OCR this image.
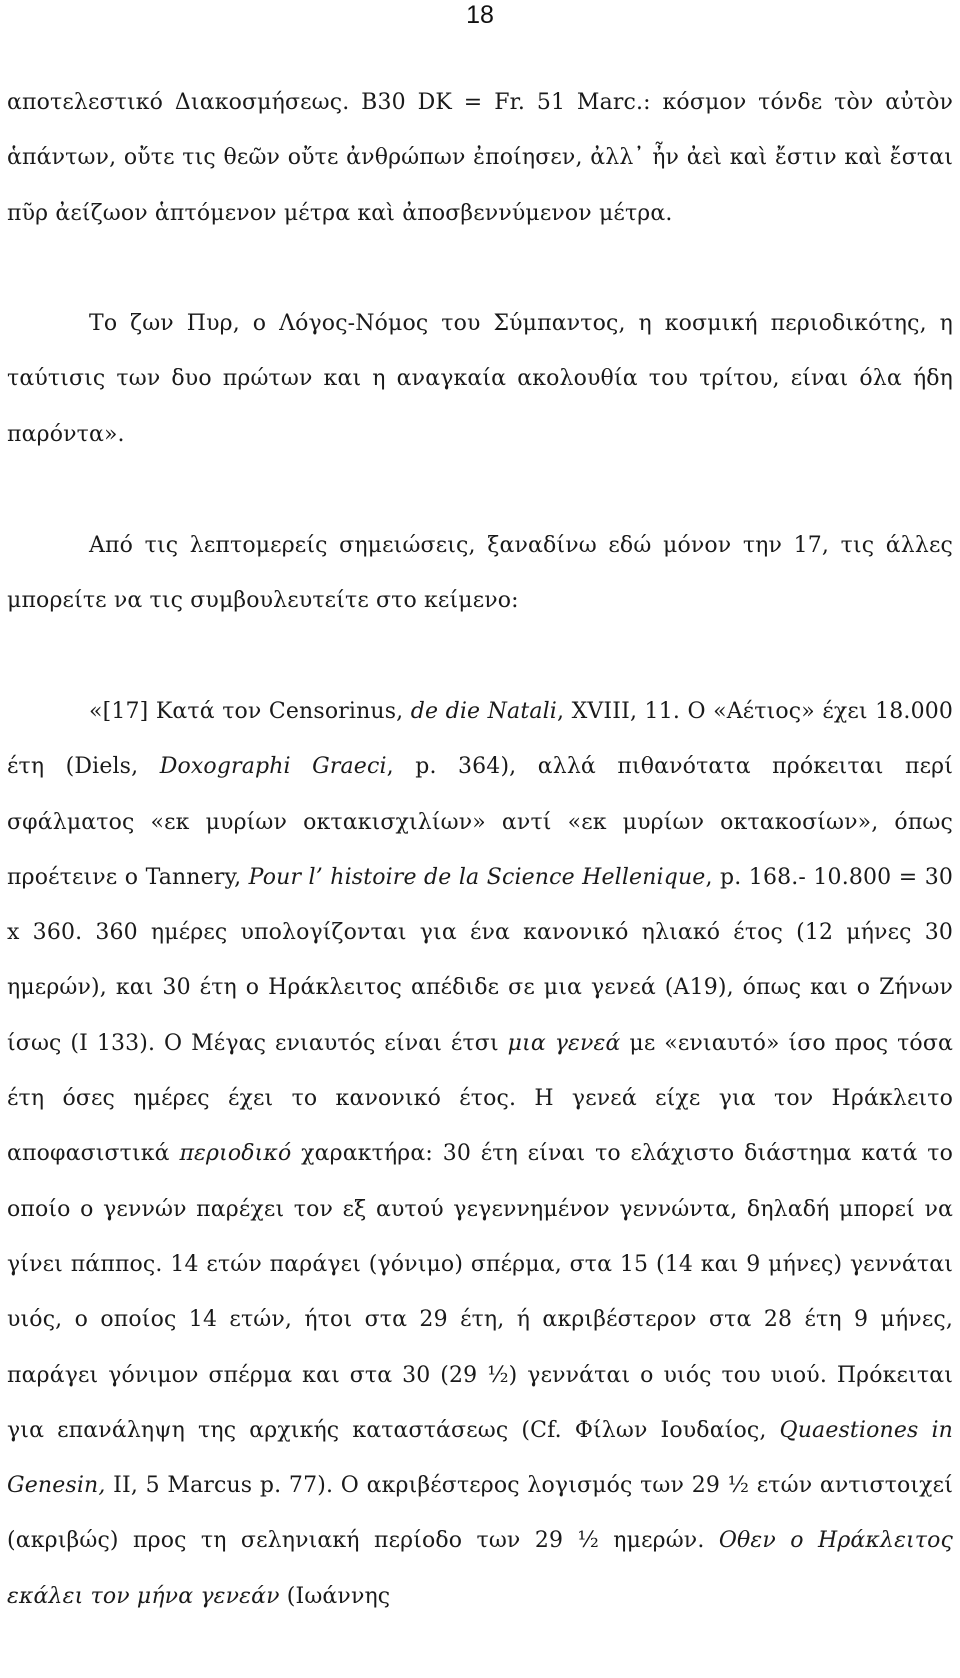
18

αποτελεστικό Διακοσμήσεως. B30 DK = Fr. 51 Marc.: κόσμον τόνδε τὸν αὐτὸν ἁπάντων, οὔτε τις θεῶν οὔτε ἀνθρώπων ἐποίησεν, ἀλλ᾽ ἦν ἀεὶ καὶ ἔστιν καὶ ἔσται πῦρ ἀείζωον ἁπτόμενον μέτρα καὶ ἀποσβεννύμενον μέτρα.

Το ζων Πυρ, ο Λόγος-Νόμος του Σύμπαντος, η κοσμική περιοδικότης, η ταύτισις των δυο πρώτων και η αναγκαία ακολουθία του τρίτου, είναι όλα ήδη παρόντα».

Από τις λεπτομερείς σημειώσεις, ξαναδίνω εδώ μόνον την 17, τις άλλες μπορείτε να τις συμβουλευτείτε στο κείμενο:

«[17] Κατά τον Censorinus, de die Natali, XVIII, 11. Ο «Αέτιος» έχει 18.000 έτη (Diels, Doxographi Graeci, p. 364), αλλά πιθανότατα πρόκειται περί σφάλματος «εκ μυρίων οκτακισχιλίων» αντί «εκ μυρίων οκτακοσίων», όπως προέτεινε ο Tannery, Pour l’ histoire de la Science Hellenique, p. 168.- 10.800 = 30 x 360. 360 ημέρες υπολογίζονται για ένα κανονικό ηλιακό έτος (12 μήνες 30 ημερών), και 30 έτη ο Ηράκλειτος απέδιδε σε μια γενεά (A19), όπως και ο Ζήνων ίσως (I 133). Ο Μέγας ενιαυτός είναι έτσι μια γενεά με «ενιαυτό» ίσο προς τόσα έτη όσες ημέρες έχει το κανονικό έτος. Η γενεά είχε για τον Ηράκλειτο αποφασιστικά περιοδικό χαρακτήρα: 30 έτη είναι το ελάχιστο διάστημα κατά το οποίο ο γεννών παρέχει τον εξ αυτού γεγεννημένον γεννώντα, δηλαδή μπορεί να γίνει πάππος. 14 ετών παράγει (γόνιμο) σπέρμα, στα 15 (14 και 9 μήνες) γεννάται υιός, ο οποίος 14 ετών, ήτοι στα 29 έτη, ή ακριβέστερον στα 28 έτη 9 μήνες, παράγει γόνιμον σπέρμα και στα 30 (29 ½) γεννάται ο υιός του υιού. Πρόκειται για επανάληψη της αρχικής καταστάσεως (Cf. Φίλων Ιουδαίος, Quaestiones in Genesin, II, 5 Marcus p. 77). Ο ακριβέστερος λογισμός των 29 ½ ετών αντιστοιχεί (ακριβώς) προς τη σεληνιακή περίοδο των 29 ½ ημερών. Οθεν ο Ηράκλειτος εκάλει τον μήνα γενεάν (Ιωάννης
